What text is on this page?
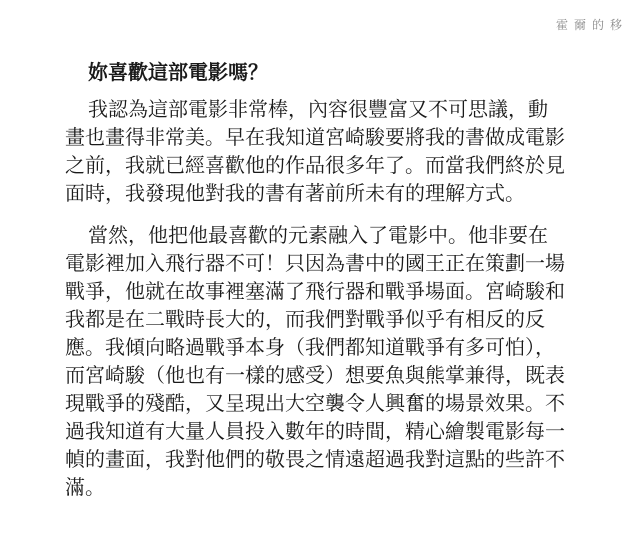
霍爾的移
妳喜歡這部電影嗎？

我認為這部電影非常棒，內容很豐富又不可思議，動
畫也畫得非常美。早在我知道宮崎駿要將我的書做成電影
之前，我就已經喜歡他的作品很多年了。而當我們終於見
面時，我發現他對我的書有著前所未有的理解方式。

當然，他把他最喜歡的元素融入了電影中。他非要在
電影裡加入飛行器不可！只因為書中的國王正在策劃一場
戰爭，他就在故事裡塞滿了飛行器和戰爭場面。宮崎駿和
我都是在二戰時長大的，而我們對戰爭似乎有相反的反
應。我傾向略過戰爭本身（我們都知道戰爭有多可怕），
而宮崎駿（他也有一樣的感受）想要魚與熊掌兼得，既表
現戰爭的殘酷，又呈現出大空襲令人興奮的場景效果。不
過我知道有大量人員投入數年的時間，精心繪製電影每一
幀的畫面，我對他們的敬畏之情遠超過我對這點的些許不
滿。
